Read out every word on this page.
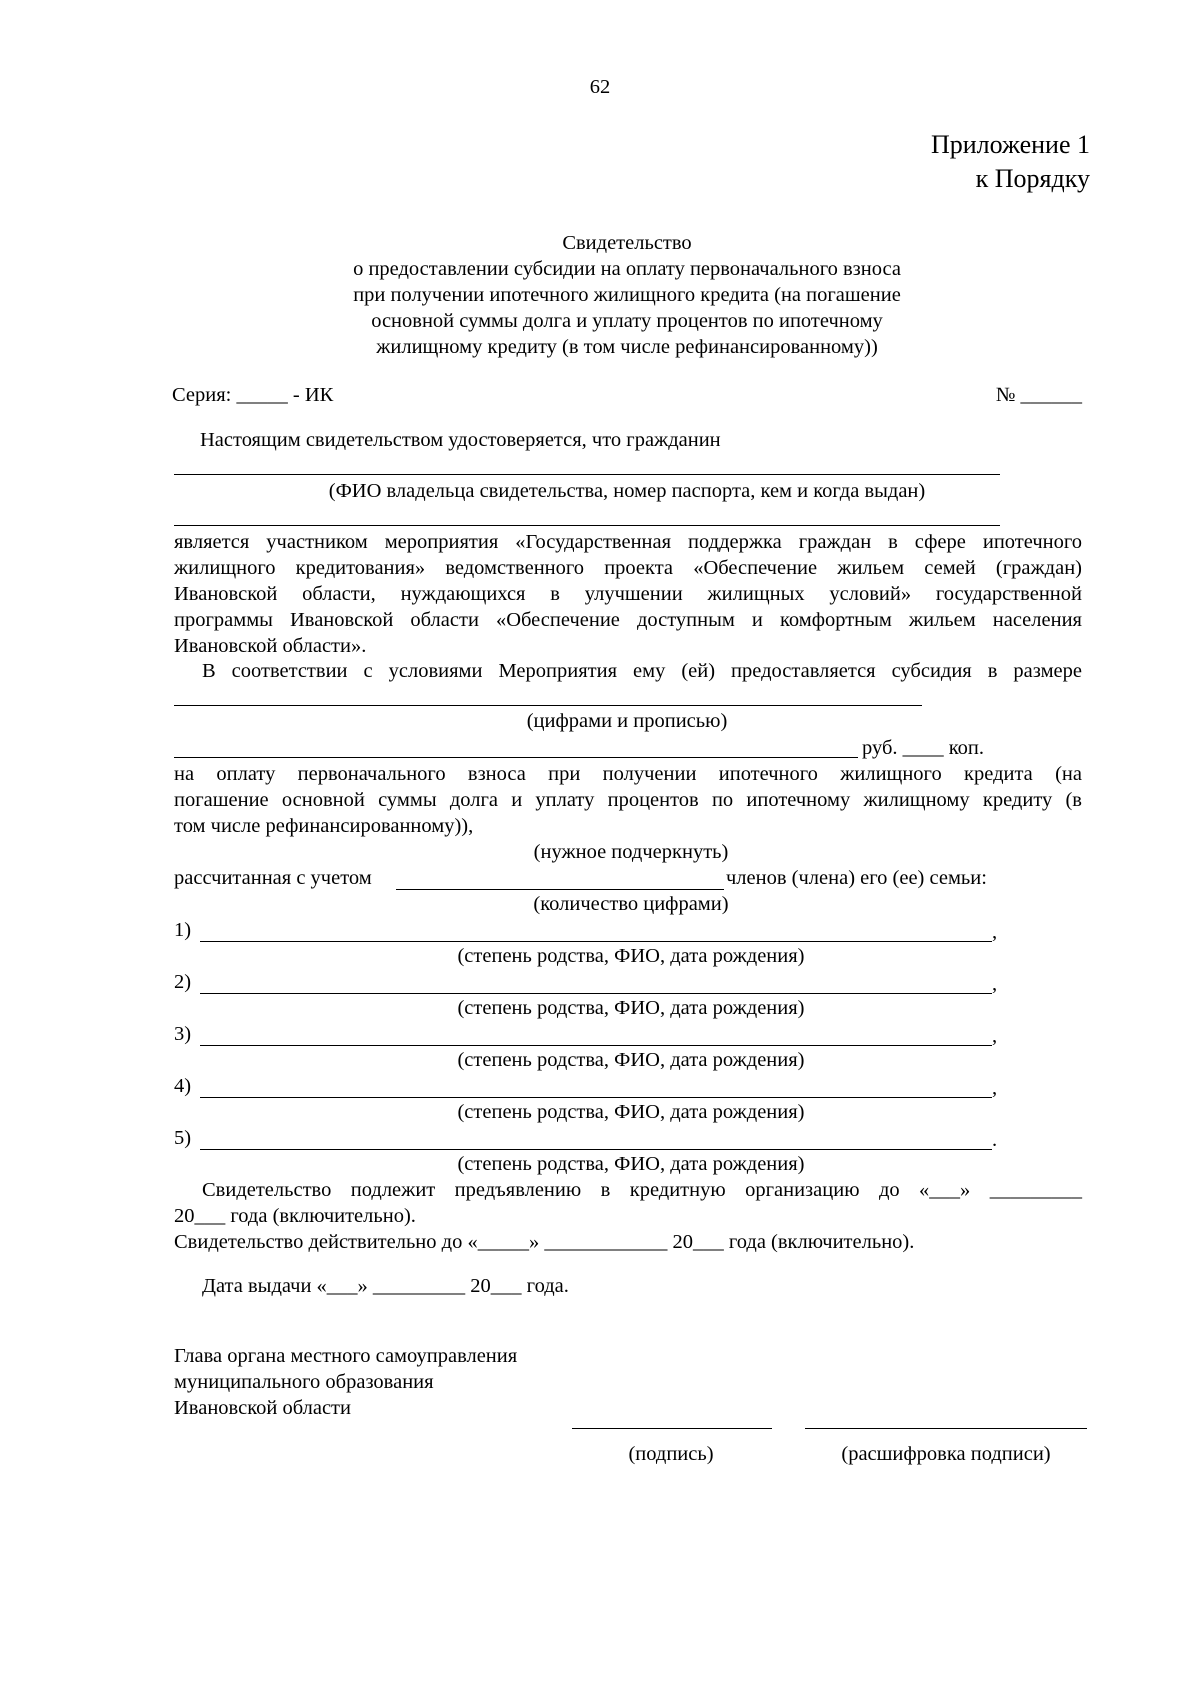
62
Приложение 1
к Порядку
Свидетельство
о предоставлении субсидии на оплату первоначального взноса
при получении ипотечного жилищного кредита (на погашение
основной суммы долга и уплату процентов по ипотечному
жилищному кредиту (в том числе рефинансированному))
Серия: _____ - ИК	№ ______
Настоящим свидетельством удостоверяется, что гражданин
(ФИО владельца свидетельства, номер паспорта, кем и когда выдан)
является участником мероприятия «Государственная поддержка граждан в сфере ипотечного
жилищного кредитования» ведомственного проекта «Обеспечение жильем семей (граждан)
Ивановской области, нуждающихся в улучшении жилищных условий» государственной
программы Ивановской области «Обеспечение доступным и комфортным жильем населения
Ивановской области».
В соответствии с условиями Мероприятия ему (ей) предоставляется субсидия в размере
(цифрами и прописью)
руб. ____ коп.
на оплату первоначального взноса при получении ипотечного жилищного кредита (на
погашение основной суммы долга и уплату процентов по ипотечному жилищному кредиту (в
том числе рефинансированному)),
(нужное подчеркнуть)
рассчитанная с учетом	членов (члена) его (ее) семьи:
(количество цифрами)
1)	,
(степень родства, ФИО, дата рождения)
2)	,
(степень родства, ФИО, дата рождения)
3)	,
(степень родства, ФИО, дата рождения)
4)	,
(степень родства, ФИО, дата рождения)
5)	.
(степень родства, ФИО, дата рождения)
Свидетельство подлежит предъявлению в кредитную организацию до «___» _________
20___ года (включительно).
Свидетельство действительно до «_____» ____________ 20___ года (включительно).
Дата выдачи «___» _________ 20___ года.
Глава органа местного самоуправления
муниципального образования
Ивановской области
(подпись)	(расшифровка подписи)
